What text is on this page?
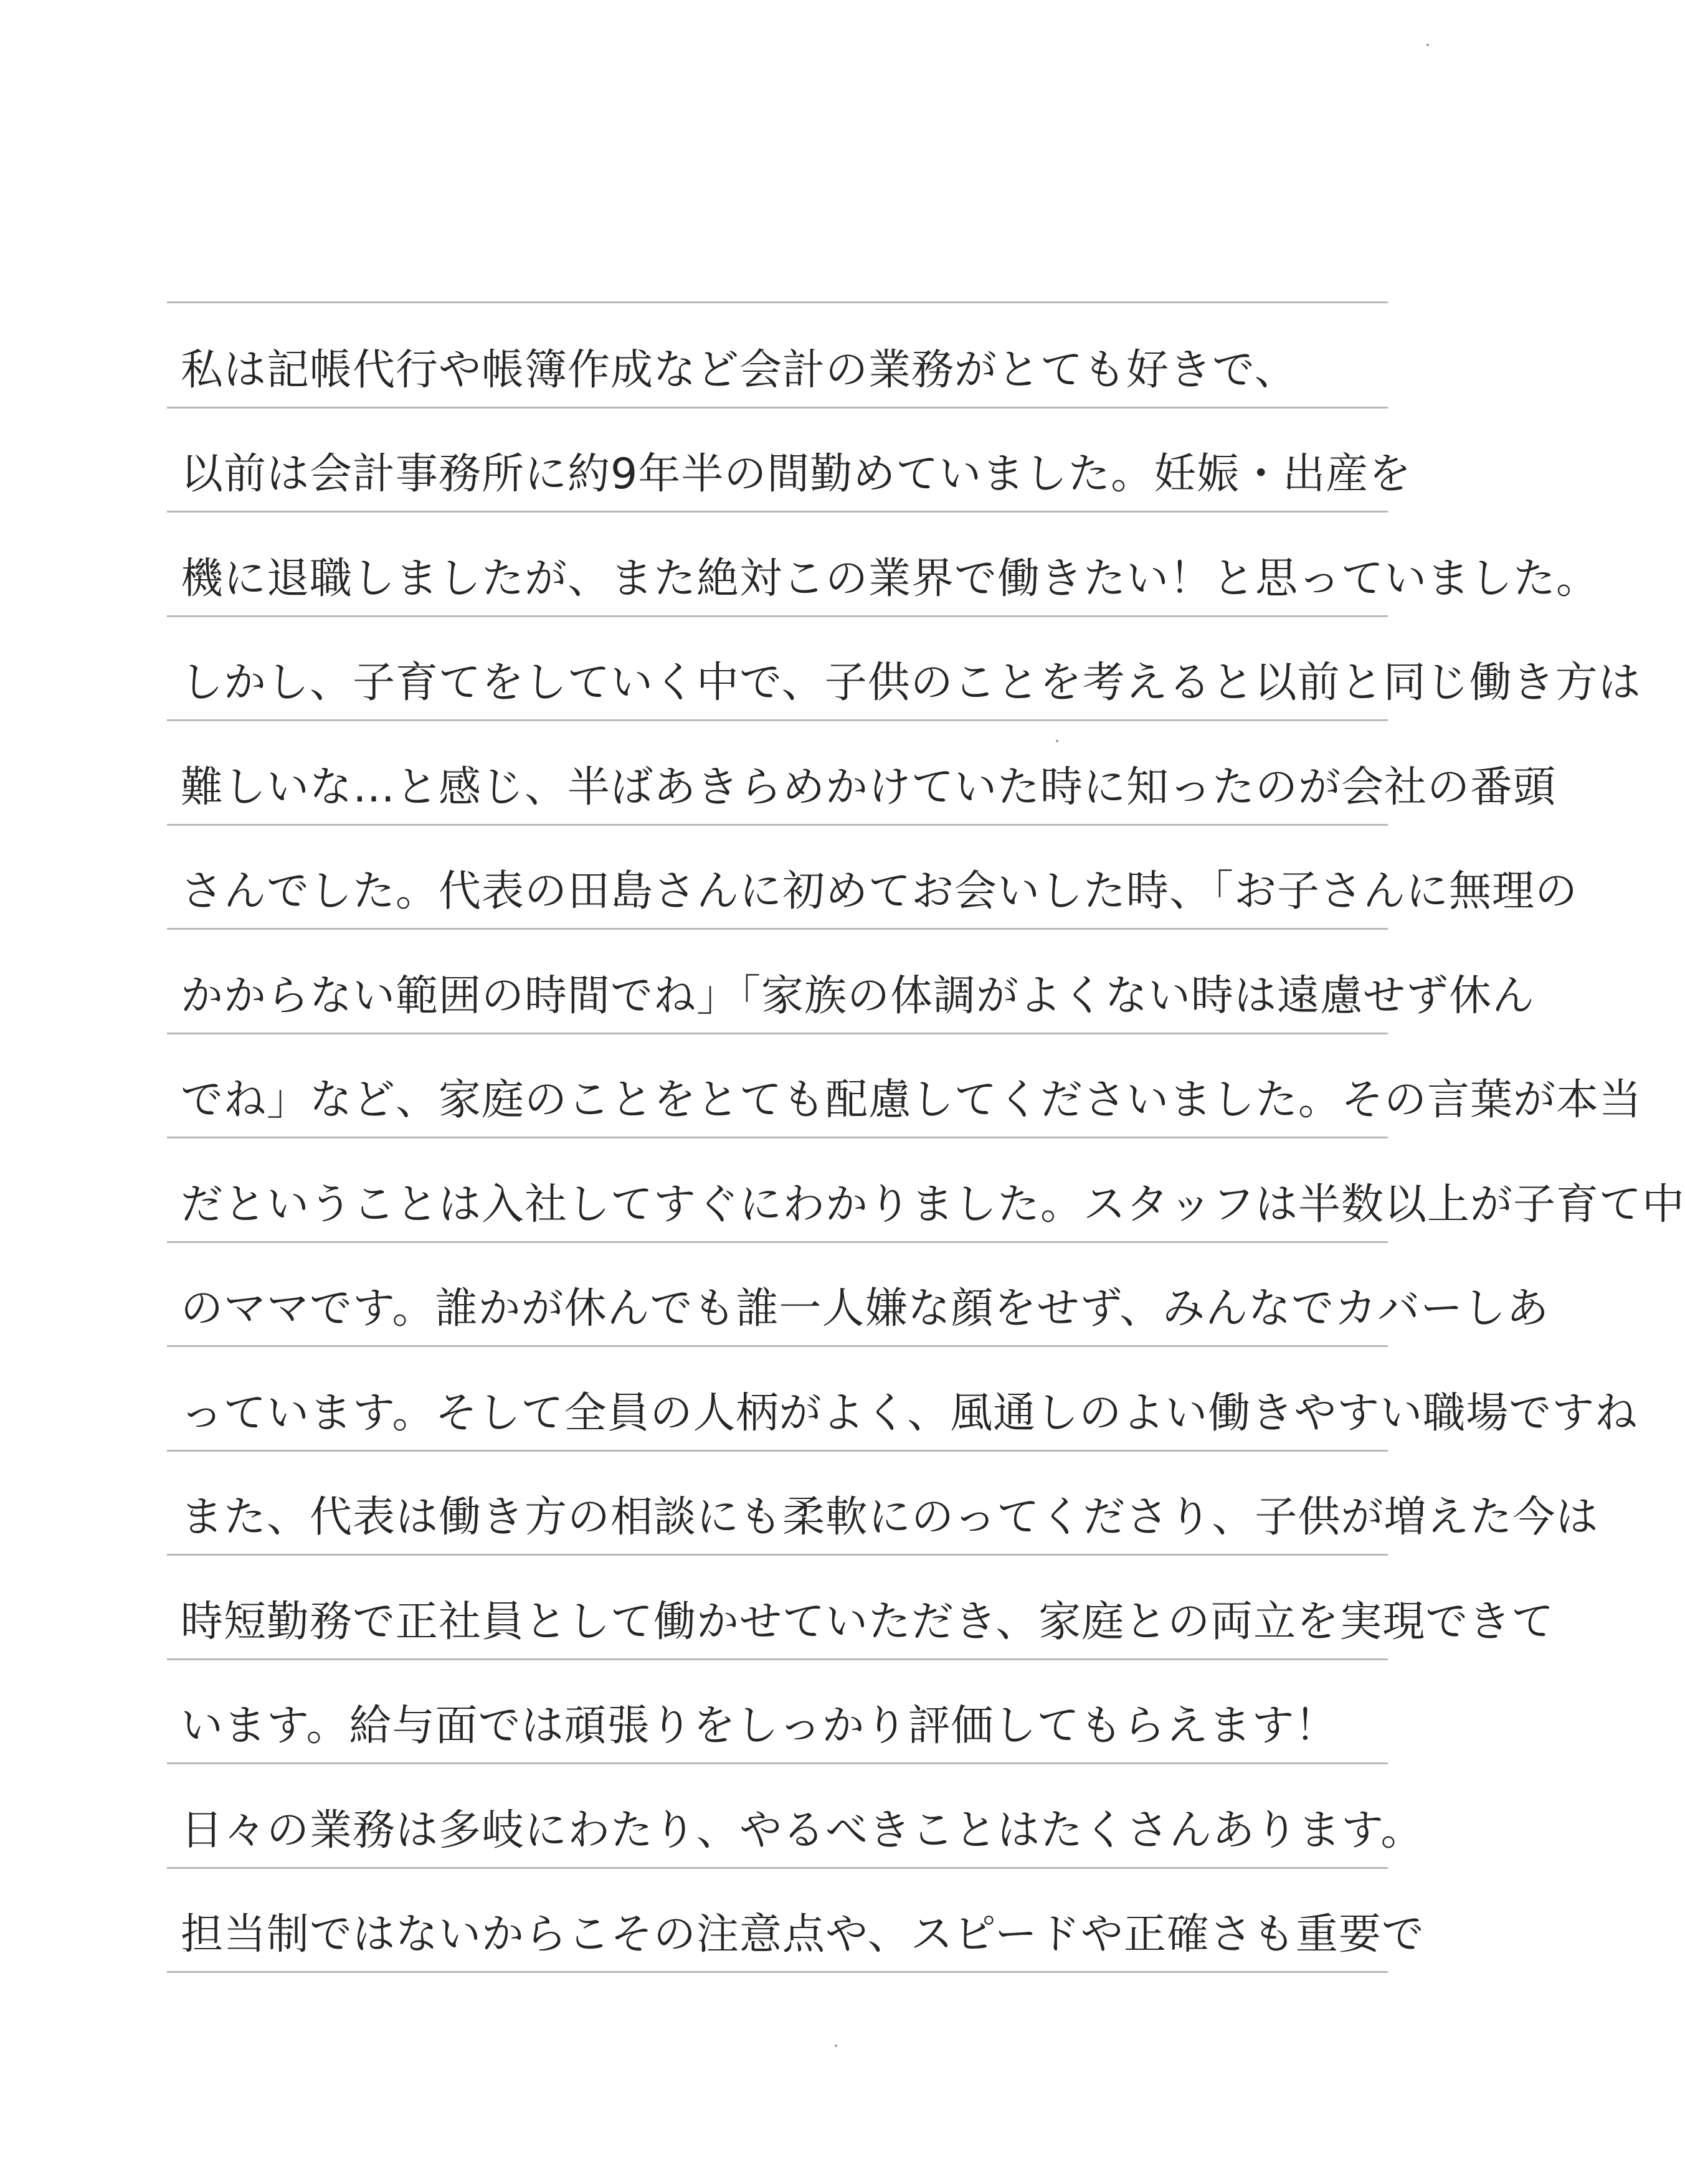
私は記帳代行や帳簿作成など会計の業務がとても好きで、
以前は会計事務所に約9年半の間勤めていました。妊娠・出産を
機に退職しましたが、また絶対この業界で働きたい！と思っていました。
しかし、子育てをしていく中で、子供のことを考えると以前と同じ働き方は
難しいな…と感じ、半ばあきらめかけていた時に知ったのが会社の番頭
さんでした。代表の田島さんに初めてお会いした時、「お子さんに無理の
かからない範囲の時間でね」「家族の体調がよくない時は遠慮せず休ん
でね」など、家庭のことをとても配慮してくださいました。その言葉が本当
だということは入社してすぐにわかりました。スタッフは半数以上が子育て中
のママです。誰かが休んでも誰一人嫌な顔をせず、みんなでカバーしあ
っています。そして全員の人柄がよく、風通しのよい働きやすい職場ですね
また、代表は働き方の相談にも柔軟にのってくださり、子供が増えた今は
時短勤務で正社員として働かせていただき、家庭との両立を実現できて
います。給与面では頑張りをしっかり評価してもらえます！
日々の業務は多岐にわたり、やるべきことはたくさんあります。
担当制ではないからこその注意点や、スピードや正確さも重要で
